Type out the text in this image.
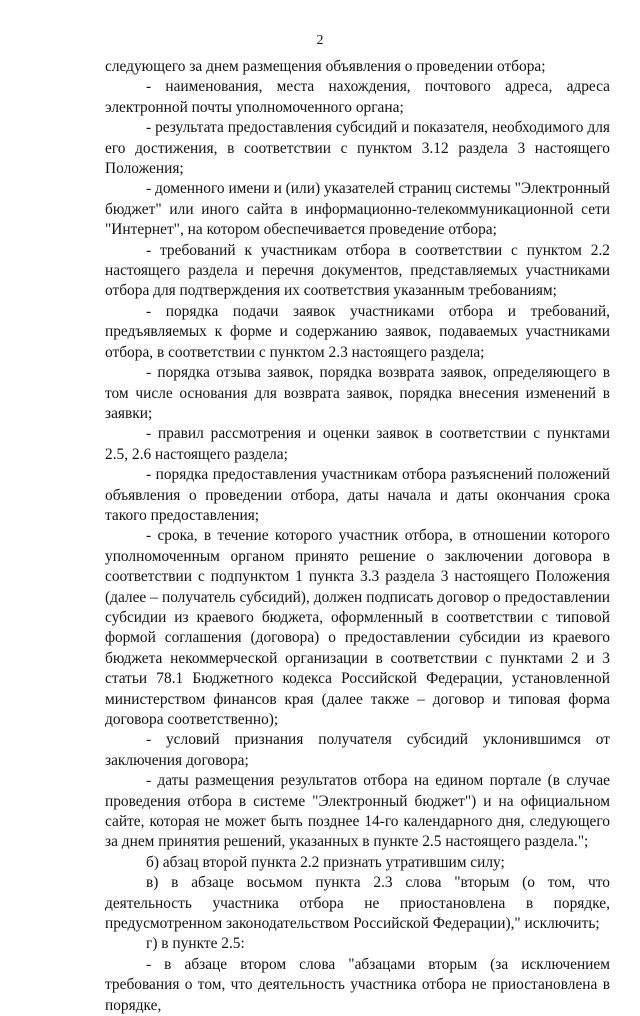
2

следующего за днем размещения объявления о проведении отбора;

- наименования, места нахождения, почтового адреса, адреса электронной почты уполномоченного органа;

- результата предоставления субсидий и показателя, необходимого для его достижения, в соответствии с пунктом 3.12 раздела 3 настоящего Положения;

- доменного имени и (или) указателей страниц системы "Электронный бюджет" или иного сайта в информационно-телекоммуникационной сети "Интернет", на котором обеспечивается проведение отбора;

- требований к участникам отбора в соответствии с пунктом 2.2 настоящего раздела и перечня документов, представляемых участниками отбора для подтверждения их соответствия указанным требованиям;

- порядка подачи заявок участниками отбора и требований, предъявляемых к форме и содержанию заявок, подаваемых участниками отбора, в соответствии с пунктом 2.3 настоящего раздела;

- порядка отзыва заявок, порядка возврата заявок, определяющего в том числе основания для возврата заявок, порядка внесения изменений в заявки;

- правил рассмотрения и оценки заявок в соответствии с пунктами 2.5, 2.6 настоящего раздела;

- порядка предоставления участникам отбора разъяснений положений объявления о проведении отбора, даты начала и даты окончания срока такого предоставления;

- срока, в течение которого участник отбора, в отношении которого уполномоченным органом принято решение о заключении договора в соответствии с подпунктом 1 пункта 3.3 раздела 3 настоящего Положения (далее – получатель субсидий), должен подписать договор о предоставлении субсидии из краевого бюджета, оформленный в соответствии с типовой формой соглашения (договора) о предоставлении субсидии из краевого бюджета некоммерческой организации в соответствии с пунктами 2 и 3 статьи 78.1 Бюджетного кодекса Российской Федерации, установленной министерством финансов края (далее также – договор и типовая форма договора соответственно);

- условий признания получателя субсидий уклонившимся от заключения договора;

- даты размещения результатов отбора на едином портале (в случае проведения отбора в системе "Электронный бюджет") и на официальном сайте, которая не может быть позднее 14-го календарного дня, следующего за днем принятия решений, указанных в пункте 2.5 настоящего раздела.";

б) абзац второй пункта 2.2 признать утратившим силу;

в) в абзаце восьмом пункта 2.3 слова "вторым (о том, что деятельность участника отбора не приостановлена в порядке, предусмотренном законодательством Российской Федерации)," исключить;

г) в пункте 2.5:

- в абзаце втором слова "абзацами вторым (за исключением требования о том, что деятельность участника отбора не приостановлена в порядке,
